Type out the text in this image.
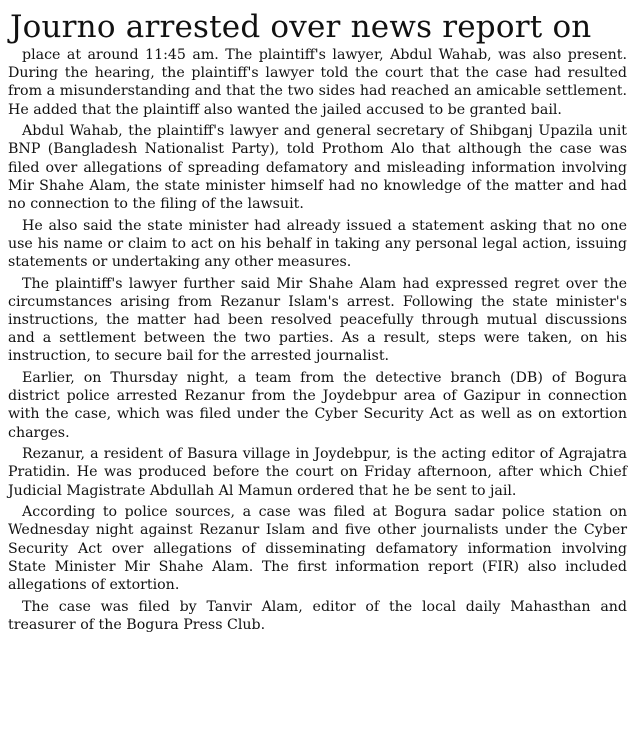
Journo arrested over news report on

place at around 11:45 am. The plaintiff's lawyer, Abdul Wahab, was also present. During the hearing, the plaintiff's lawyer told the court that the case had resulted from a misunderstanding and that the two sides had reached an amicable settlement. He added that the plaintiff also wanted the jailed accused to be granted bail.

Abdul Wahab, the plaintiff's lawyer and general secretary of Shibganj Upazila unit BNP (Bangladesh Nationalist Party), told Prothom Alo that although the case was filed over allegations of spreading defamatory and misleading information involving Mir Shahe Alam, the state minister himself had no knowledge of the matter and had no connection to the filing of the lawsuit.

He also said the state minister had already issued a statement asking that no one use his name or claim to act on his behalf in taking any personal legal action, issuing statements or undertaking any other measures.

The plaintiff's lawyer further said Mir Shahe Alam had expressed regret over the circumstances arising from Rezanur Islam's arrest. Following the state minister's instructions, the matter had been resolved peacefully through mutual discussions and a settlement between the two parties. As a result, steps were taken, on his instruction, to secure bail for the arrested journalist.

Earlier, on Thursday night, a team from the detective branch (DB) of Bogura district police arrested Rezanur from the Joydebpur area of Gazipur in connection with the case, which was filed under the Cyber Security Act as well as on extortion charges.

Rezanur, a resident of Basura village in Joydebpur, is the acting editor of Agrajatra Pratidin. He was produced before the court on Friday afternoon, after which Chief Judicial Magistrate Abdullah Al Mamun ordered that he be sent to jail.

According to police sources, a case was filed at Bogura sadar police station on Wednesday night against Rezanur Islam and five other journalists under the Cyber Security Act over allegations of disseminating defamatory information involving State Minister Mir Shahe Alam. The first information report (FIR) also included allegations of extortion.

The case was filed by Tanvir Alam, editor of the local daily Mahasthan and treasurer of the Bogura Press Club.
